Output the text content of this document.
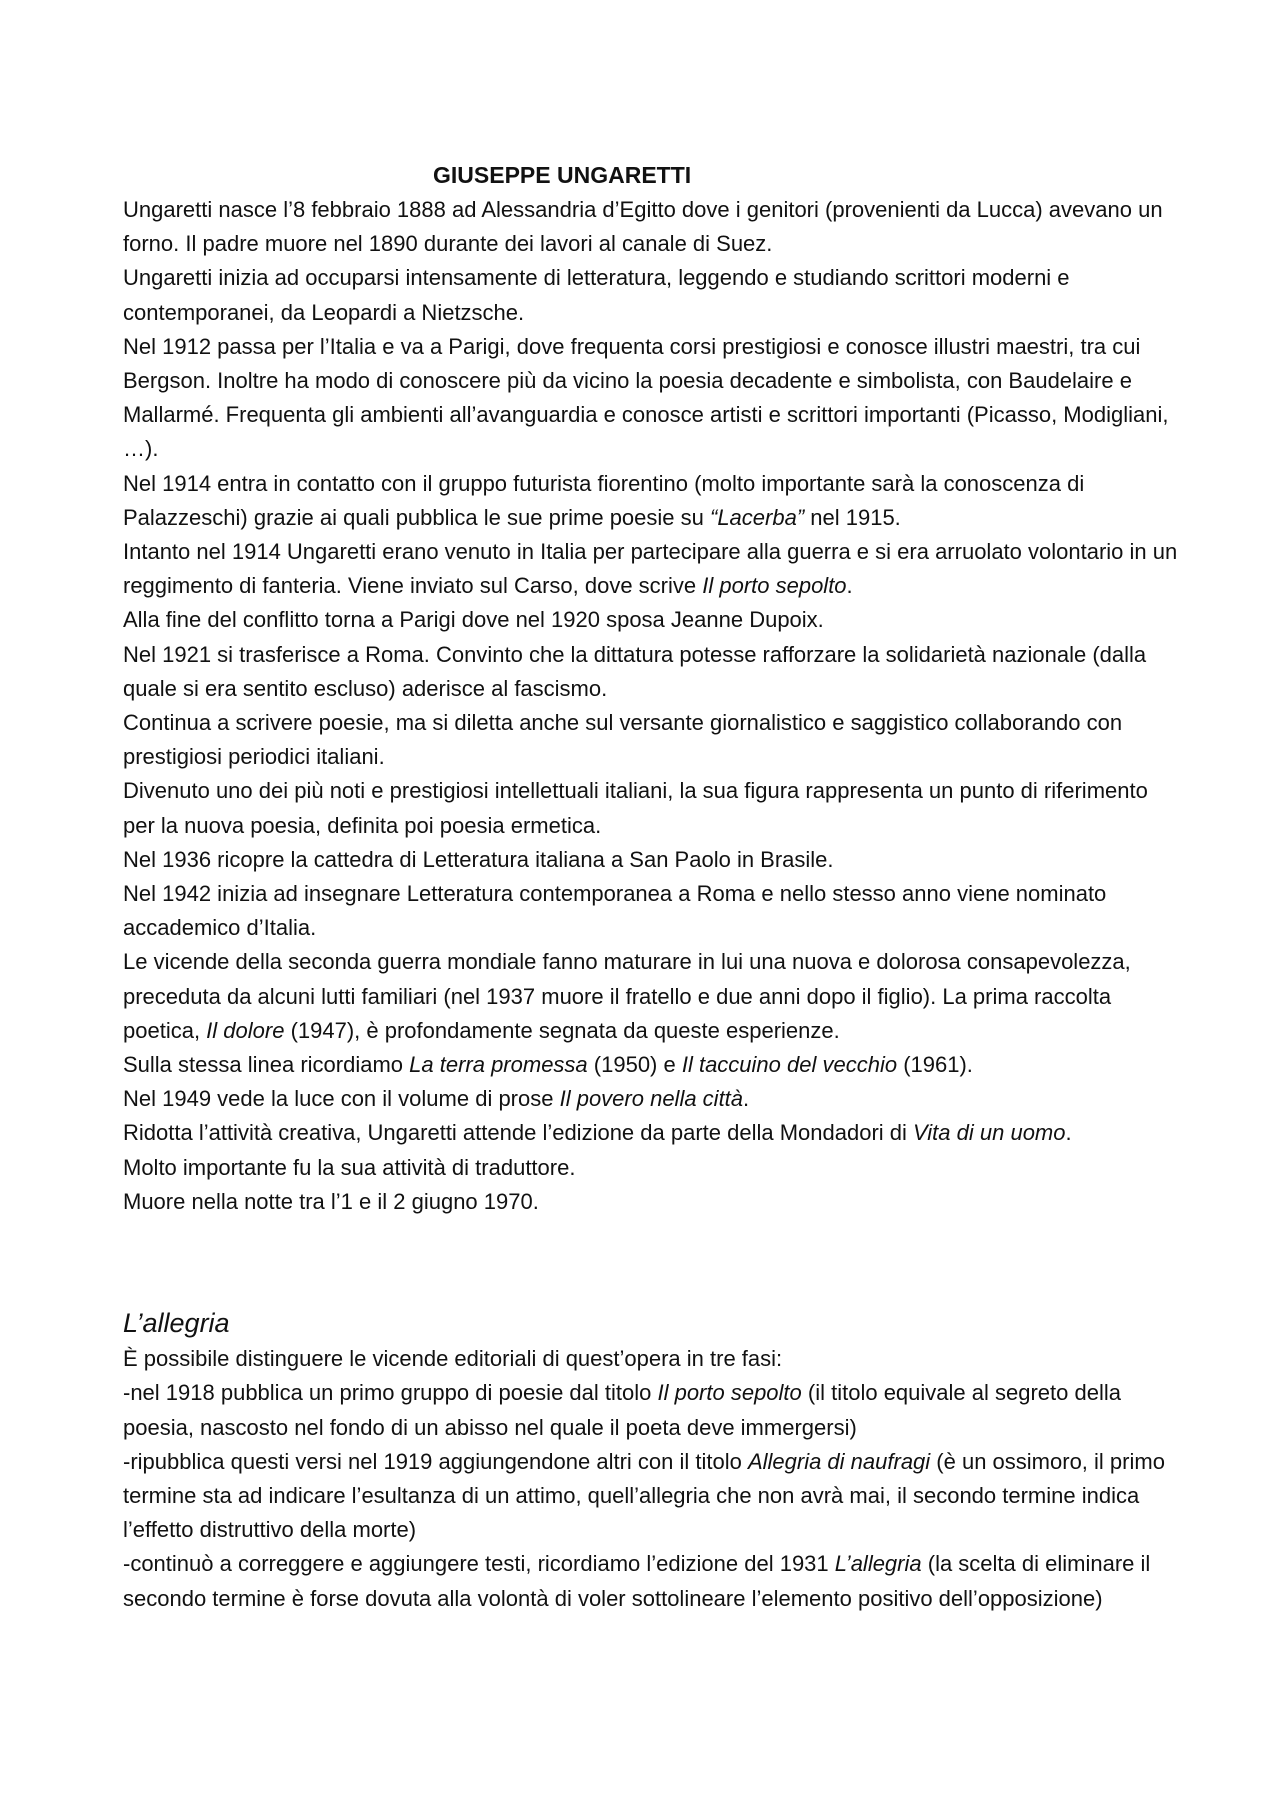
GIUSEPPE UNGARETTI

Ungaretti nasce l’8 febbraio 1888 ad Alessandria d’Egitto dove i genitori (provenienti da Lucca) avevano un forno. Il padre muore nel 1890 durante dei lavori al canale di Suez.

Ungaretti inizia ad occuparsi intensamente di letteratura, leggendo e studiando scrittori moderni e contemporanei, da Leopardi a Nietzsche.

Nel 1912 passa per l’Italia e va a Parigi, dove frequenta corsi prestigiosi e conosce illustri maestri, tra cui Bergson. Inoltre ha modo di conoscere più da vicino la poesia decadente e simbolista, con Baudelaire e Mallarmé. Frequenta gli ambienti all’avanguardia e conosce artisti e scrittori importanti (Picasso, Modigliani, …).

Nel 1914 entra in contatto con il gruppo futurista fiorentino (molto importante sarà la conoscenza di Palazzeschi) grazie ai quali pubblica le sue prime poesie su “Lacerba” nel 1915.

Intanto nel 1914 Ungaretti erano venuto in Italia per partecipare alla guerra e si era arruolato volontario in un reggimento di fanteria. Viene inviato sul Carso, dove scrive Il porto sepolto.

Alla fine del conflitto torna a Parigi dove nel 1920 sposa Jeanne Dupoix.

Nel 1921 si trasferisce a Roma. Convinto che la dittatura potesse rafforzare la solidarietà nazionale (dalla quale si era sentito escluso) aderisce al fascismo.

Continua a scrivere poesie, ma si diletta anche sul versante giornalistico e saggistico collaborando con prestigiosi periodici italiani.

Divenuto uno dei più noti e prestigiosi intellettuali italiani, la sua figura rappresenta un punto di riferimento per la nuova poesia, definita poi poesia ermetica.

Nel 1936 ricopre la cattedra di Letteratura italiana a San Paolo in Brasile.

Nel 1942 inizia ad insegnare Letteratura contemporanea a Roma e nello stesso anno viene nominato accademico d’Italia.

Le vicende della seconda guerra mondiale fanno maturare in lui una nuova e dolorosa consapevolezza, preceduta da alcuni lutti familiari (nel 1937 muore il fratello e due anni dopo il figlio). La prima raccolta poetica, Il dolore (1947), è profondamente segnata da queste esperienze.

Sulla stessa linea ricordiamo La terra promessa (1950) e Il taccuino del vecchio (1961).

Nel 1949 vede la luce con il volume di prose Il povero nella città.

Ridotta l’attività creativa, Ungaretti attende l’edizione da parte della Mondadori di Vita di un uomo.

Molto importante fu la sua attività di traduttore.

Muore nella notte tra l’1 e il 2 giugno 1970.

L’allegria

È possibile distinguere le vicende editoriali di quest’opera in tre fasi:

-nel 1918 pubblica un primo gruppo di poesie dal titolo Il porto sepolto (il titolo equivale al segreto della poesia, nascosto nel fondo di un abisso nel quale il poeta deve immergersi)

-ripubblica questi versi nel 1919 aggiungendone altri con il titolo Allegria di naufragi (è un ossimoro, il primo termine sta ad indicare l’esultanza di un attimo, quell’allegria che non avrà mai, il secondo termine indica l’effetto distruttivo della morte)

-continuò a correggere e aggiungere testi, ricordiamo l’edizione del 1931 L’allegria (la scelta di eliminare il secondo termine è forse dovuta alla volontà di voler sottolineare l’elemento positivo dell’opposizione)
